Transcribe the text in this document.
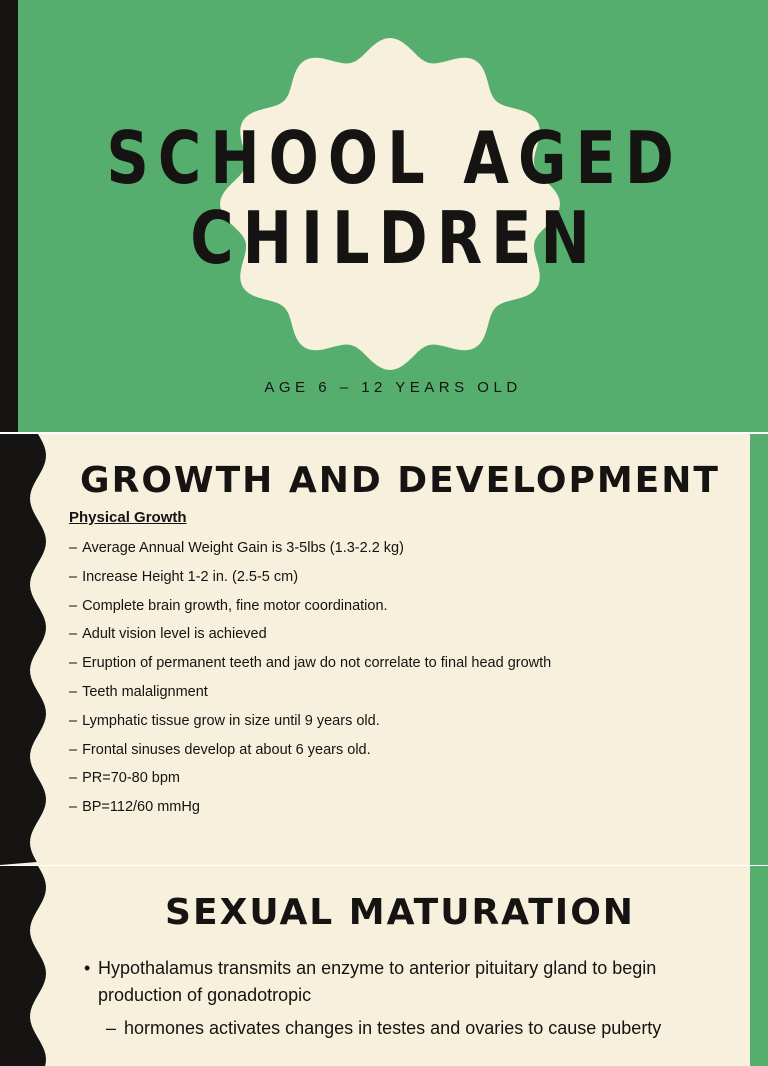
SCHOOL AGED CHILDREN
AGE 6 – 12 YEARS OLD
GROWTH AND DEVELOPMENT
Physical Growth
– Average Annual Weight Gain is 3-5lbs (1.3-2.2 kg)
– Increase Height 1-2 in. (2.5-5 cm)
– Complete brain growth, fine motor coordination.
– Adult vision level is achieved
– Eruption of permanent teeth and jaw do not correlate to final head growth
– Teeth malalignment
– Lymphatic tissue grow in size until 9 years old.
– Frontal sinuses develop at about 6 years old.
– PR=70-80 bpm
– BP=112/60 mmHg
SEXUAL MATURATION
• Hypothalamus transmits an enzyme to anterior pituitary gland to begin production of gonadotropic
– hormones activates changes in testes and ovaries to cause puberty
